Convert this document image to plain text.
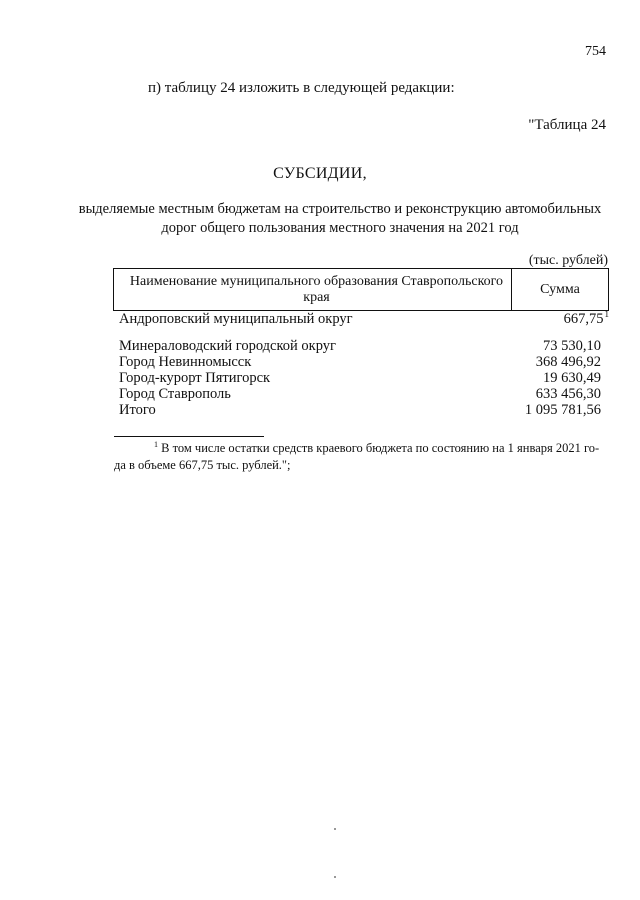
754
п) таблицу 24 изложить в следующей редакции:
"Таблица 24
СУБСИДИИ,
выделяемые местным бюджетам на строительство и реконструкцию автомобильных дорог общего пользования местного значения на 2021 год
(тыс. рублей)
Наименование муниципального образования Ставропольского края
Сумма
Андроповский муниципальный округ	667,75$^1$
Минераловодский городской округ	73 530,10
Город Невинномысск	368 496,92
Город-курорт Пятигорск	19 630,49
Город Ставрополь	633 456,30
Итого	1 095 781,56
$^1$ В том числе остатки средств краевого бюджета по состоянию на 1 января 2021 го-
да в объеме 667,75 тыс. рублей.";
